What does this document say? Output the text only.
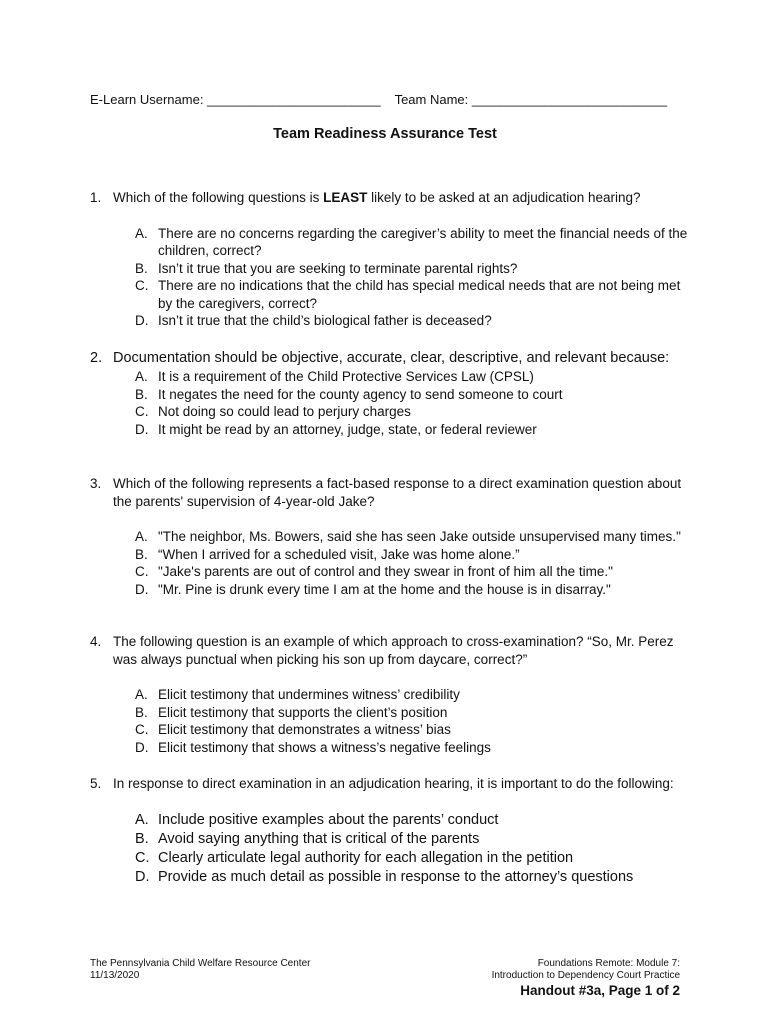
E-Learn Username: ________________________ Team Name: ___________________________
Team Readiness Assurance Test
1. Which of the following questions is LEAST likely to be asked at an adjudication hearing?
A. There are no concerns regarding the caregiver’s ability to meet the financial needs of the children, correct?
B. Isn’t it true that you are seeking to terminate parental rights?
C. There are no indications that the child has special medical needs that are not being met by the caregivers, correct?
D. Isn’t it true that the child’s biological father is deceased?
2. Documentation should be objective, accurate, clear, descriptive, and relevant because:
A. It is a requirement of the Child Protective Services Law (CPSL)
B. It negates the need for the county agency to send someone to court
C. Not doing so could lead to perjury charges
D. It might be read by an attorney, judge, state, or federal reviewer
3. Which of the following represents a fact-based response to a direct examination question about the parents' supervision of 4-year-old Jake?
A. "The neighbor, Ms. Bowers, said she has seen Jake outside unsupervised many times."
B. “When I arrived for a scheduled visit, Jake was home alone.”
C. "Jake's parents are out of control and they swear in front of him all the time."
D. "Mr. Pine is drunk every time I am at the home and the house is in disarray."
4. The following question is an example of which approach to cross-examination? “So, Mr. Perez was always punctual when picking his son up from daycare, correct?”
A. Elicit testimony that undermines witness’ credibility
B. Elicit testimony that supports the client’s position
C. Elicit testimony that demonstrates a witness’ bias
D. Elicit testimony that shows a witness’s negative feelings
5. In response to direct examination in an adjudication hearing, it is important to do the following:
A. Include positive examples about the parents’ conduct
B. Avoid saying anything that is critical of the parents
C. Clearly articulate legal authority for each allegation in the petition
D. Provide as much detail as possible in response to the attorney’s questions
The Pennsylvania Child Welfare Resource Center
11/13/2020
Foundations Remote: Module 7:
Introduction to Dependency Court Practice
Handout #3a, Page 1 of 2
